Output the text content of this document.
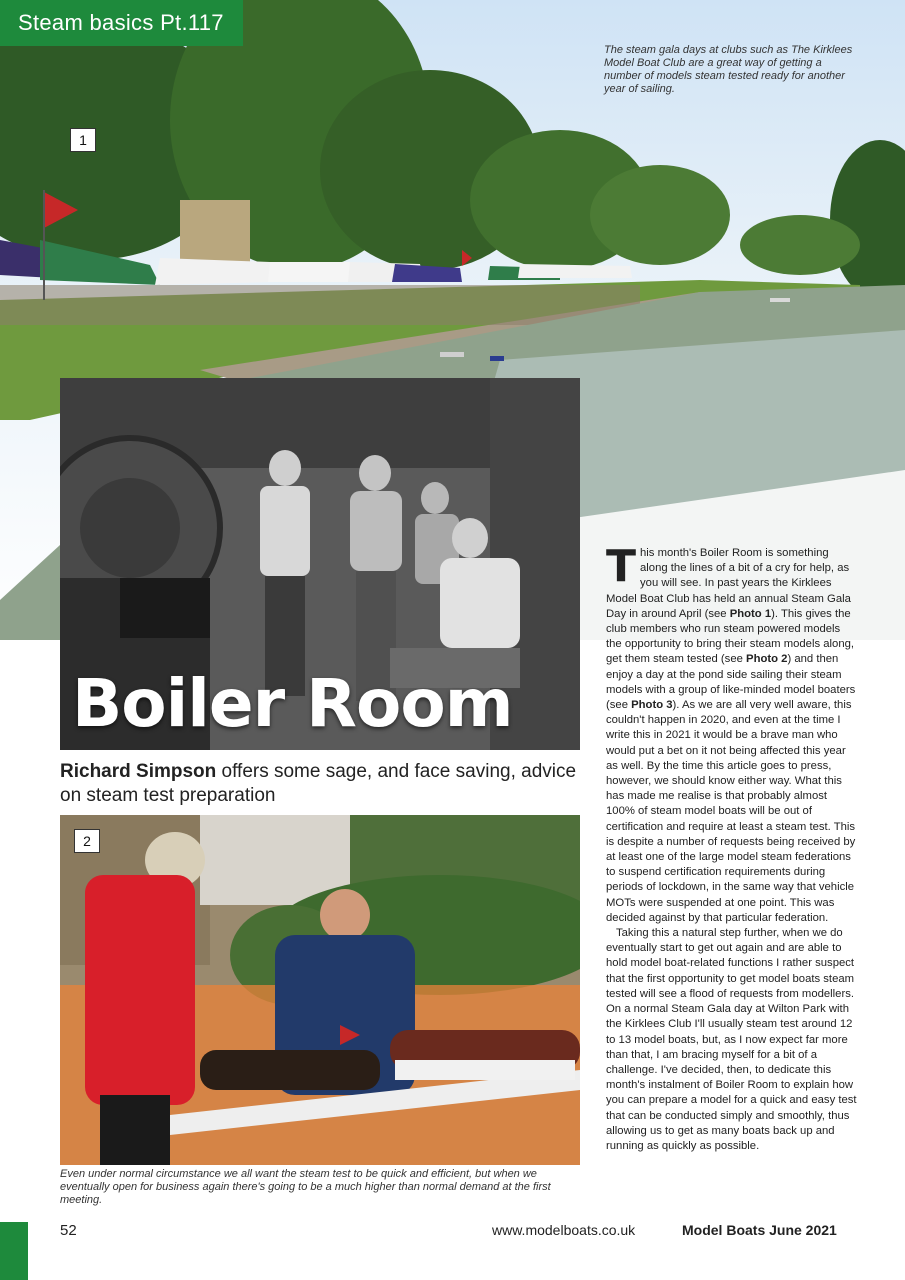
Steam basics Pt.117
1
The steam gala days at clubs such as The Kirklees Model Boat Club are a great way of getting a number of models steam tested ready for another year of sailing.
Boiler Room
Richard Simpson offers some sage, and face saving, advice on steam test preparation
2
Even under normal circumstance we all want the steam test to be quick and efficient, but when we eventually open for business again there's going to be a much higher than normal demand at the first meeting.

This month's Boiler Room is something along the lines of a bit of a cry for help, as you will see. In past years the Kirklees Model Boat Club has held an annual Steam Gala Day in around April (see Photo 1). This gives the club members who run steam powered models the opportunity to bring their steam models along, get them steam tested (see Photo 2) and then enjoy a day at the pond side sailing their steam models with a group of like-minded model boaters (see Photo 3). As we are all very well aware, this couldn't happen in 2020, and even at the time I write this in 2021 it would be a brave man who would put a bet on it not being affected this year as well. By the time this article goes to press, however, we should know either way. What this has made me realise is that probably almost 100% of steam model boats will be out of certification and require at least a steam test. This is despite a number of requests being received by at least one of the large model steam federations to suspend certification requirements during periods of lockdown, in the same way that vehicle MOTs were suspended at one point. This was decided against by that particular federation.

Taking this a natural step further, when we do eventually start to get out again and are able to hold model boat-related functions I rather suspect that the first opportunity to get model boats steam tested will see a flood of requests from modellers. On a normal Steam Gala day at Wilton Park with the Kirklees Club I'll usually steam test around 12 to 13 model boats, but, as I now expect far more than that, I am bracing myself for a bit of a challenge. I've decided, then, to dedicate this month's instalment of Boiler Room to explain how you can prepare a model for a quick and easy test that can be conducted simply and smoothly, thus allowing us to get as many boats back up and running as quickly as possible.

52	www.modelboats.co.uk	Model Boats June 2021
